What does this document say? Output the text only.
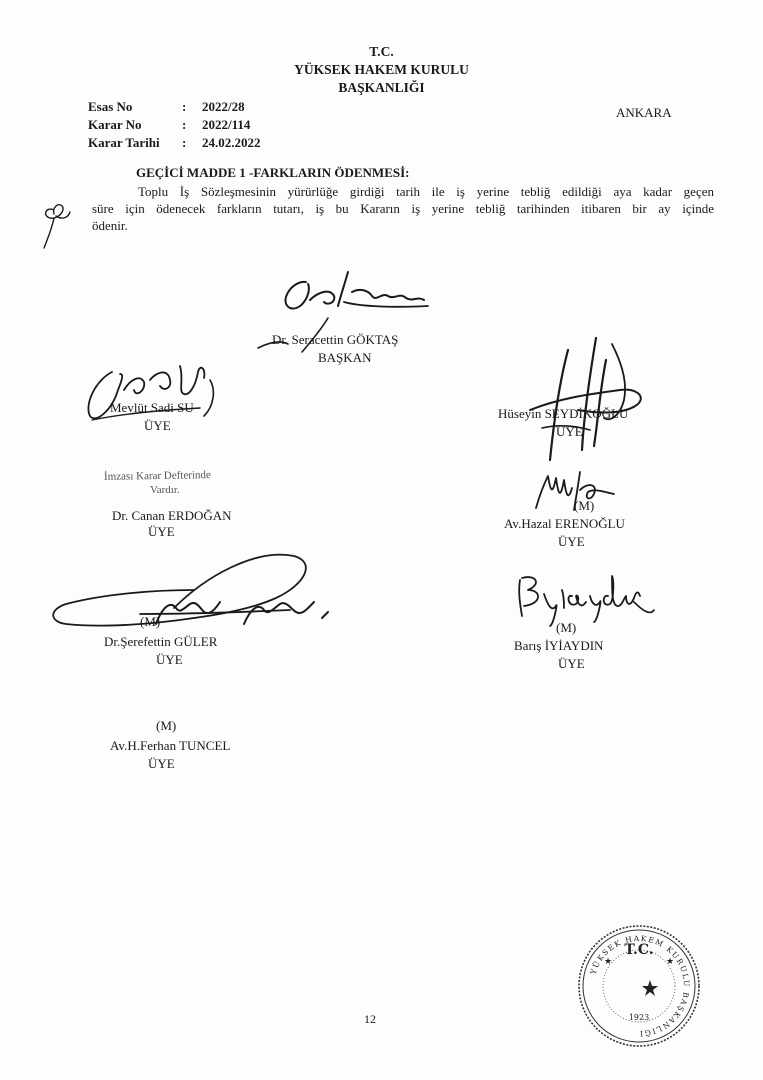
T.C.
YÜKSEK HAKEM KURULU
BAŞKANLIĞI
Esas No	: 2022/28
Karar No	: 2022/114
Karar Tarihi	: 24.02.2022
ANKARA
GEÇİCİ MADDE 1 -FARKLARIN ÖDENMESİ:
Toplu İş Sözleşmesinin yürürlüğe girdiği tarih ile iş yerine tebliğ edildiği aya kadar geçen
süre için ödenecek farkların tutarı, iş bu Kararın iş yerine tebliğ tarihinden itibaren bir ay içinde
ödenir.
Dr. Seracettin GÖKTAŞ
BAŞKAN
Mevlüt Sadi SU
ÜYE
Hüseyin SEYDİKOĞLU
ÜYE
İmzası Karar Defterinde
Vardır.
Dr. Canan ERDOĞAN
ÜYE
(M)
Av.Hazal ERENOĞLU
ÜYE
(M)
Dr.Şerefettin GÜLER
ÜYE
(M)
Barış İYİAYDIN
ÜYE
(M)
Av.H.Ferhan TUNCEL
ÜYE
12
T.C.
YÜKSEK HAKEM KURULU BAŞKANLIĞI
1923
★	★
